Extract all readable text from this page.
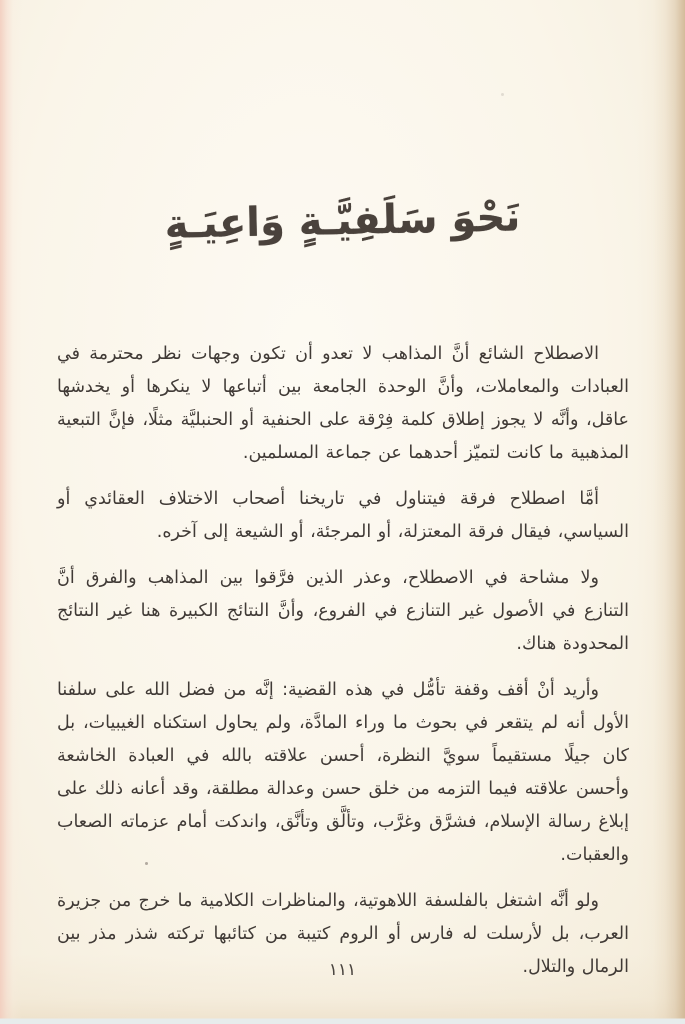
نَحْوَ سَلَفِيَّـةٍ وَاعِيَـةٍ

الاصطلاح الشائع أنَّ المذاهب لا تعدو أن تكون وجهات نظر محترمة في العبادات والمعاملات، وأنَّ الوحدة الجامعة بين أتباعها لا ينكرها أو يخدشها عاقل، وأنَّه لا يجوز إطلاق كلمة فِرْقة على الحنفية أو الحنبليَّة مثلًا، فإنَّ التبعية المذهبية ما كانت لتميّز أحدهما عن جماعة المسلمين.

أمَّا اصطلاح فرقة فيتناول في تاريخنا أصحاب الاختلاف العقائدي أو السياسي، فيقال فرقة المعتزلة، أو المرجئة، أو الشيعة إلى آخره.

ولا مشاحة في الاصطلاح، وعذر الذين فرَّقوا بين المذاهب والفرق أنَّ التنازع في الأصول غير التنازع في الفروع، وأنَّ النتائج الكبيرة هنا غير النتائج المحدودة هناك.

وأريد أنْ أقف وقفة تأمُّل في هذه القضية: إنَّه من فضل الله على سلفنا الأول أنه لم يتقعر في بحوث ما وراء المادَّة، ولم يحاول استكناه الغيبيات، بل كان جيلًا مستقيماً سويَّ النظرة، أحسن علاقته بالله في العبادة الخاشعة وأحسن علاقته فيما التزمه من خلق حسن وعدالة مطلقة، وقد أعانه ذلك على إبلاغ رسالة الإسلام، فشرَّق وغرَّب، وتألَّق وتأنَّق، واندكت أمام عزماته الصعاب والعقبات.

ولو أنَّه اشتغل بالفلسفة اللاهوتية، والمناظرات الكلامية ما خرج من جزيرة العرب، بل لأرسلت له فارس أو الروم كتيبة من كتائبها تركته شذر مذر بين الرمال والتلال.

١١١
